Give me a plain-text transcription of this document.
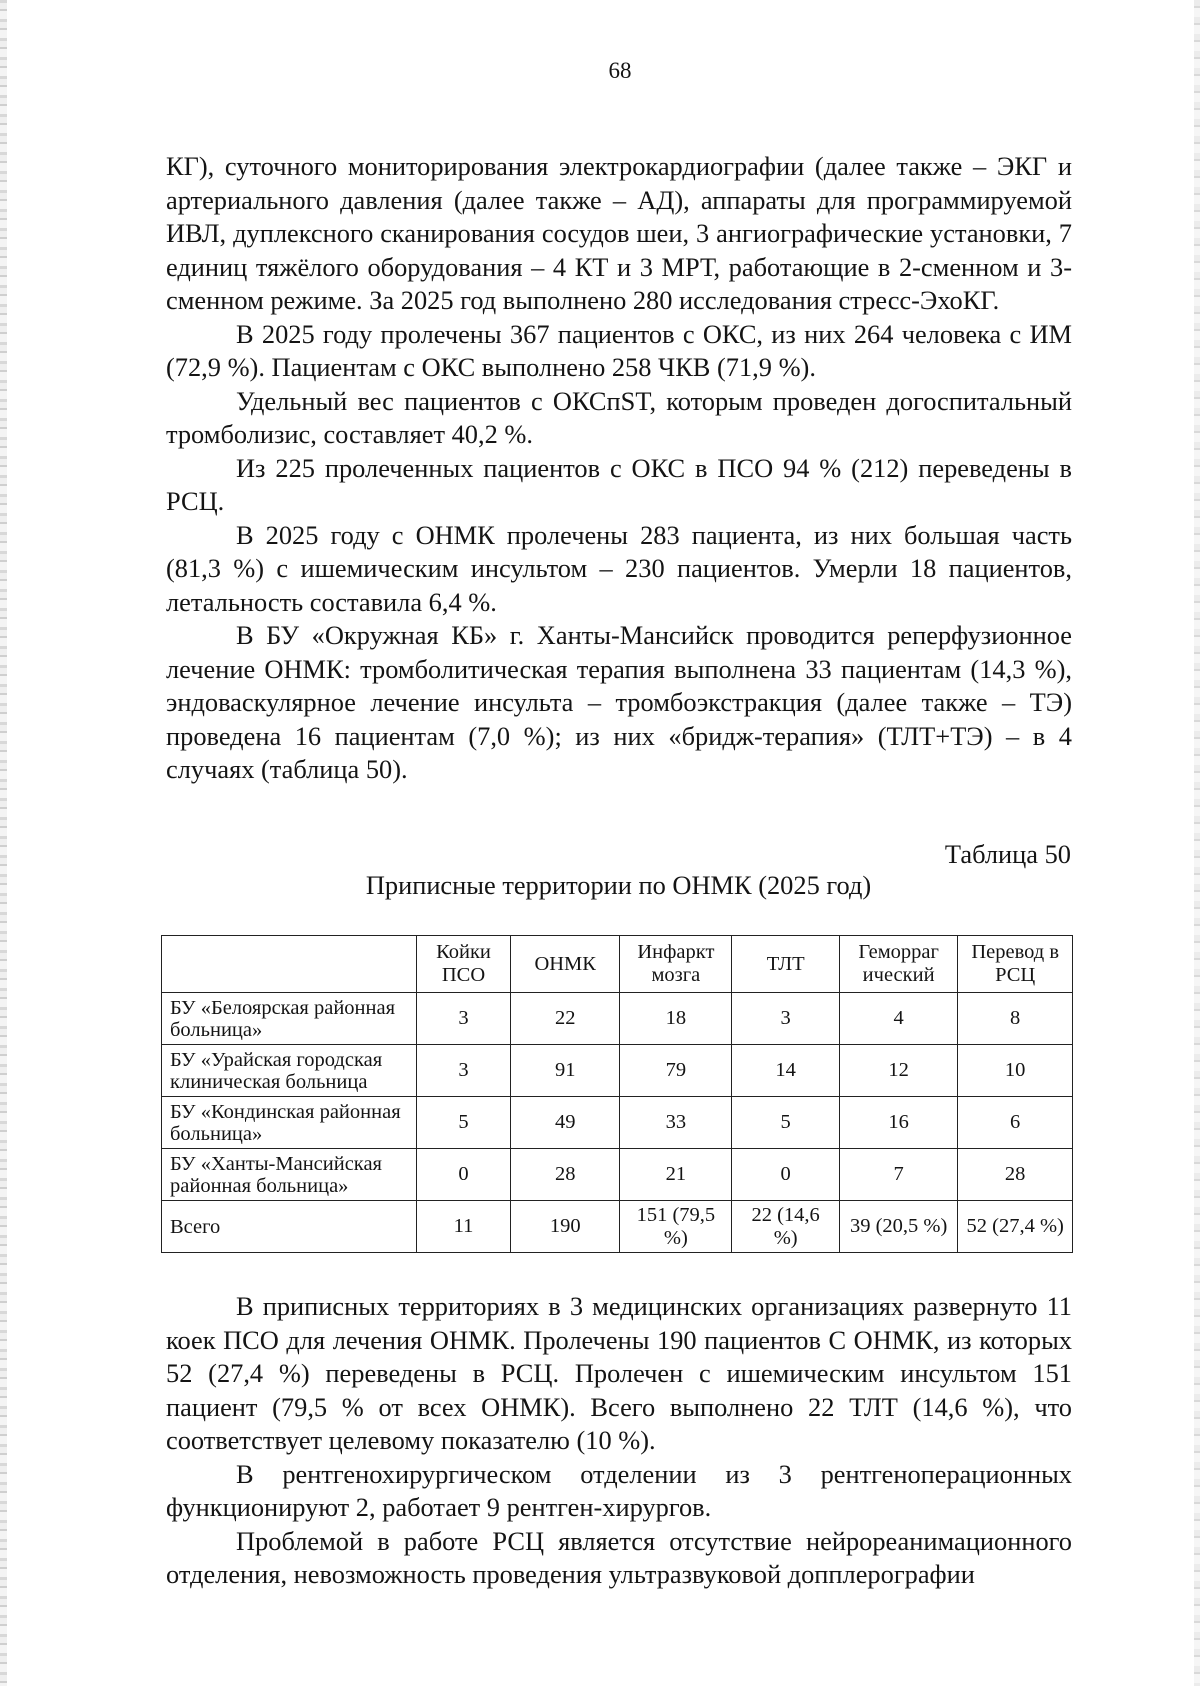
68

КГ), суточного мониторирования электрокардиографии (далее также – ЭКГ и артериального давления (далее также – АД), аппараты для программируемой ИВЛ, дуплексного сканирования сосудов шеи, 3 ангиографические установки, 7 единиц тяжёлого оборудования – 4 КТ и 3 МРТ, работающие в 2-сменном и 3-сменном режиме. За 2025 год выполнено 280 исследования стресс-ЭхоКГ.

В 2025 году пролечены 367 пациентов с ОКС, из них 264 человека с ИМ (72,9 %). Пациентам с ОКС выполнено 258 ЧКВ (71,9 %).

Удельный вес пациентов с ОКСпST, которым проведен догоспитальный тромболизис, составляет 40,2 %.

Из 225 пролеченных пациентов с ОКС в ПСО 94 % (212) переведены в РСЦ.

В 2025 году с ОНМК пролечены 283 пациента, из них большая часть (81,3 %) с ишемическим инсультом – 230 пациентов. Умерли 18 пациентов, летальность составила 6,4 %.

В БУ «Окружная КБ» г. Ханты-Мансийск проводится реперфузионное лечение ОНМК: тромболитическая терапия выполнена 33 пациентам (14,3 %), эндоваскулярное лечение инсульта – тромбоэкстракция (далее также – ТЭ) проведена 16 пациентам (7,0 %); из них «бридж-терапия» (ТЛТ+ТЭ) – в 4 случаях (таблица 50).

Таблица 50
Приписные территории по ОНМК (2025 год)
	Койки ПСО	ОНМК	Инфаркт мозга	ТЛТ	Геморраг ический	Перевод в РСЦ
БУ «Белоярская районная больница»	3	22	18	3	4	8
БУ «Урайская городская клиническая больница	3	91	79	14	12	10
БУ «Кондинская районная больница»	5	49	33	5	16	6
БУ «Ханты-Мансийская районная больница»	0	28	21	0	7	28
Всего	11	190	151 (79,5 %)	22 (14,6 %)	39 (20,5 %)	52 (27,4 %)

В приписных территориях в 3 медицинских организациях развернуто 11 коек ПСО для лечения ОНМК. Пролечены 190 пациентов С ОНМК, из которых 52 (27,4 %) переведены в РСЦ. Пролечен с ишемическим инсультом 151 пациент (79,5 % от всех ОНМК). Всего выполнено 22 ТЛТ (14,6 %), что соответствует целевому показателю (10 %).

В рентгенохирургическом отделении из 3 рентгеноперационных функционируют 2, работает 9 рентген-хирургов.

Проблемой в работе РСЦ является отсутствие нейрореанимационного отделения, невозможность проведения ультразвуковой допплерографии
